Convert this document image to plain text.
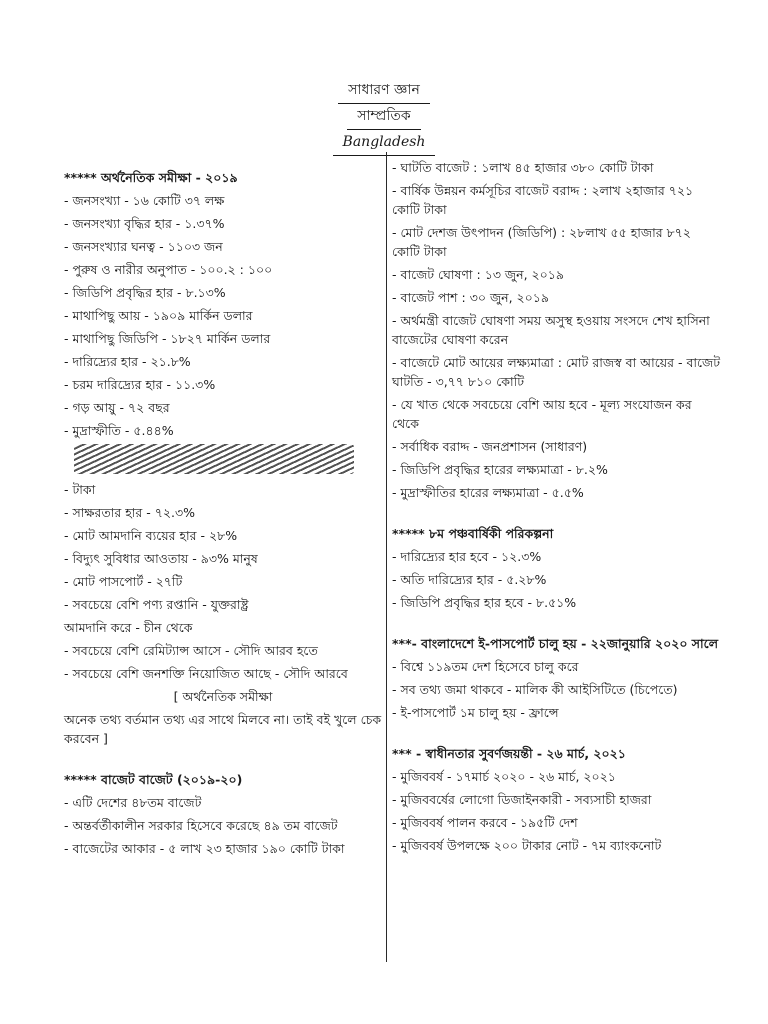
সাধারণ জ্ঞান
সাম্প্রতিক
Bangladesh
***** অর্থনৈতিক সমীক্ষা - ২০১৯
- জনসংখ্যা - ১৬ কোটি ৩৭ লক্ষ
- জনসংখ্যা বৃদ্ধির হার - ১.৩৭%
- জনসংখ্যার ঘনত্ব - ১১০৩ জন
- পুরুষ ও নারীর অনুপাত - ১০০.২ : ১০০
- জিডিপি প্রবৃদ্ধির হার - ৮.১৩%
- মাথাপিছু আয় - ১৯০৯ মার্কিন ডলার
- মাথাপিছু জিডিপি - ১৮২৭ মার্কিন ডলার
- দারিদ্র্যের হার - ২১.৮%
- চরম দারিদ্র্যের হার - ১১.৩%
- গড় আয়ু - ৭২ বছর
- মুদ্রাস্ফীতি - ৫.৪৪%
- টাকা
- সাক্ষরতার হার - ৭২.৩%
- মোট আমদানি ব্যয়ের হার - ২৮%
- বিদ্যুৎ সুবিধার আওতায় - ৯৩% মানুষ
- মোট পাসপোর্ট - ২৭টি
- সবচেয়ে বেশি পণ্য রপ্তানি - যুক্তরাষ্ট্র
আমদানি করে - চীন থেকে
- সবচেয়ে বেশি রেমিট্যান্স আসে - সৌদি আরব হতে
- সবচেয়ে বেশি জনশক্তি নিয়োজিত আছে - সৌদি আরবে
[ অর্থনৈতিক সমীক্ষা
অনেক তথ্য বর্তমান তথ্য এর সাথে মিলবে না। তাই বই খুলে চেক করবেন ]
***** বাজেট বাজেট (২০১৯-২০)
- এটি দেশের ৪৮তম বাজেট
- অন্তর্বর্তীকালীন সরকার হিসেবে করেছে ৪৯ তম বাজেট
- বাজেটের আকার - ৫ লাখ ২৩ হাজার ১৯০ কোটি টাকা
- ঘাটতি বাজেট : ১লাখ ৪৫ হাজার ৩৮০ কোটি টাকা
- বার্ষিক উন্নয়ন কর্মসূচির বাজেট বরাদ্দ : ২লাখ ২হাজার ৭২১ কোটি টাকা
- মোট দেশজ উৎপাদন (জিডিপি) : ২৮লাখ ৫৫ হাজার ৮৭২ কোটি টাকা
- বাজেট ঘোষণা : ১৩ জুন, ২০১৯
- বাজেট পাশ : ৩০ জুন, ২০১৯
- অর্থমন্ত্রী বাজেট ঘোষণা সময় অসুস্থ হওয়ায় সংসদে শেখ হাসিনা বাজেটের ঘোষণা করেন
- বাজেটে মোট আয়ের লক্ষ্যমাত্রা : মোট রাজস্ব বা আয়ের - বাজেট ঘাটতি - ৩,৭৭ ৮১০ কোটি
- যে খাত থেকে সবচেয়ে বেশি আয় হবে - মূল্য সংযোজন কর থেকে
- সর্বাধিক বরাদ্দ - জনপ্রশাসন (সাধারণ)
- জিডিপি প্রবৃদ্ধির হারের লক্ষ্যমাত্রা - ৮.২%
- মুদ্রাস্ফীতির হারের লক্ষ্যমাত্রা - ৫.৫%
***** ৮ম পঞ্চবার্ষিকী পরিকল্পনা
- দারিদ্র্যের হার হবে - ১২.৩%
- অতি দারিদ্র্যের হার - ৫.২৮%
- জিডিপি প্রবৃদ্ধির হার হবে - ৮.৫১%
***- বাংলাদেশে ই-পাসপোর্ট চালু হয় - ২২জানুয়ারি ২০২০ সালে
- বিশ্বে ১১৯তম দেশ হিসেবে চালু করে
- সব তথ্য জমা থাকবে - মালিক কী আইসিটিতে (চিপেতে)
- ই-পাসপোর্ট ১ম চালু হয় - ফ্রান্সে
*** - স্বাধীনতার সুবর্ণজয়ন্তী - ২৬ মার্চ, ২০২১
- মুজিববর্ষ - ১৭মার্চ ২০২০ - ২৬ মার্চ, ২০২১
- মুজিববর্ষের লোগো ডিজাইনকারী - সব্যসাচী হাজরা
- মুজিববর্ষ পালন করবে - ১৯৫টি দেশ
- মুজিববর্ষ উপলক্ষে ২০০ টাকার নোট - ৭ম ব্যাংকনোট
